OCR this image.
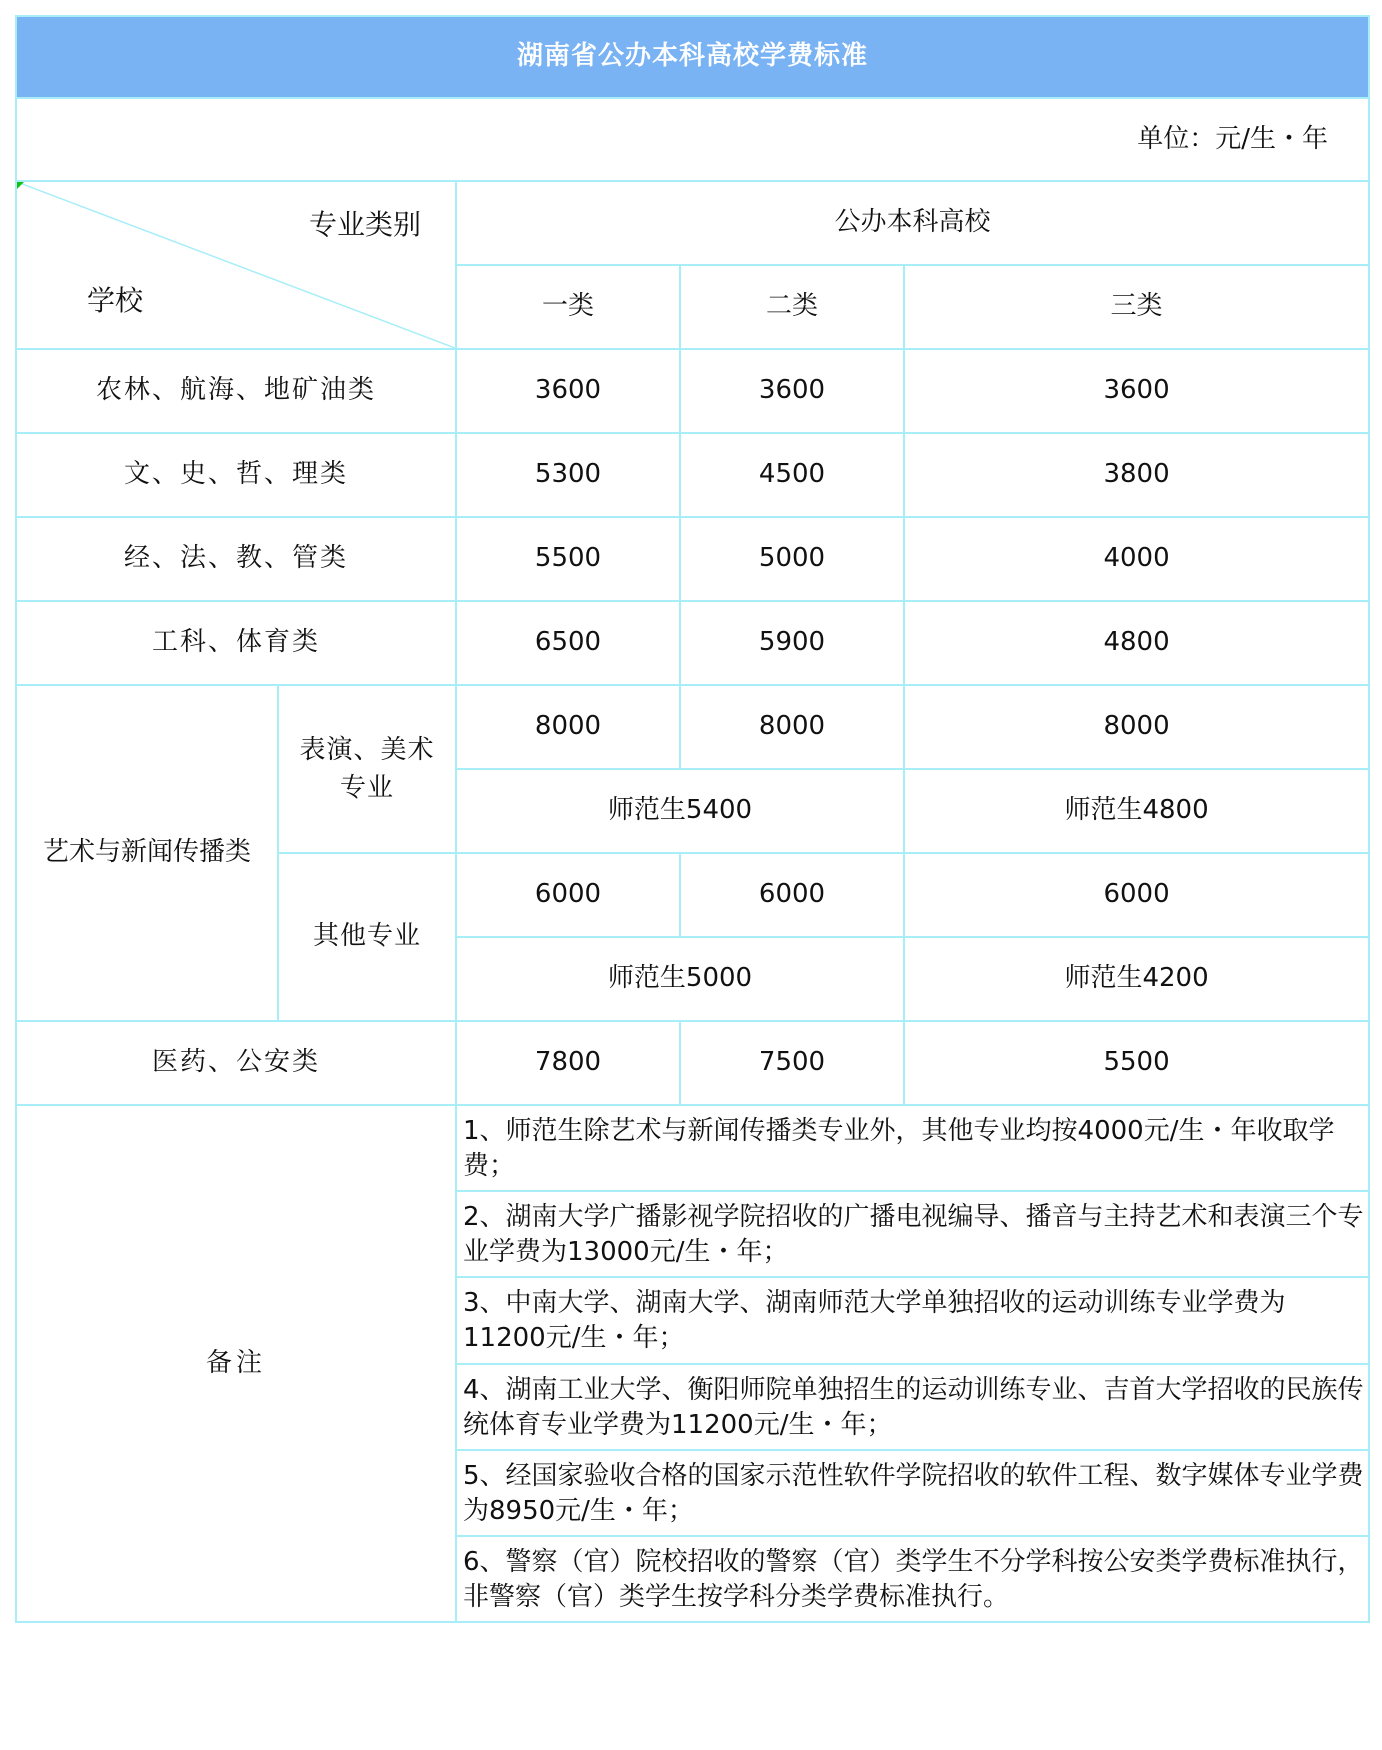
湖南省公办本科高校学费标准				
单位：元/生・年				

专业类别
学校		公办本科高校		
		一类	二类	三类
农林、航海、地矿油类		3600	3600	3600
文、史、哲、理类		5300	4500	3800
经、法、教、管类		5500	5000	4000
工科、体育类		6500	5900	4800
艺术与新闻传播类	表演、美术专业	8000	8000	8000
		师范生5400		师范生4800
	其他专业	6000	6000	6000
		师范生5000		师范生4200
医药、公安类		7800	7500	5500
备注		1、师范生除艺术与新闻传播类专业外，其他专业均按4000元/生・年收取学费；		
		2、湖南大学广播影视学院招收的广播电视编导、播音与主持艺术和表演三个专业学费为13000元/生・年；		
		3、中南大学、湖南大学、湖南师范大学单独招收的运动训练专业学费为11200元/生・年；		
		4、湖南工业大学、衡阳师院单独招生的运动训练专业、吉首大学招收的民族传统体育专业学费为11200元/生・年；		
		5、经国家验收合格的国家示范性软件学院招收的软件工程、数字媒体专业学费为8950元/生・年；		
		6、警察（官）院校招收的警察（官）类学生不分学科按公安类学费标准执行，非警察（官）类学生按学科分类学费标准执行。		
